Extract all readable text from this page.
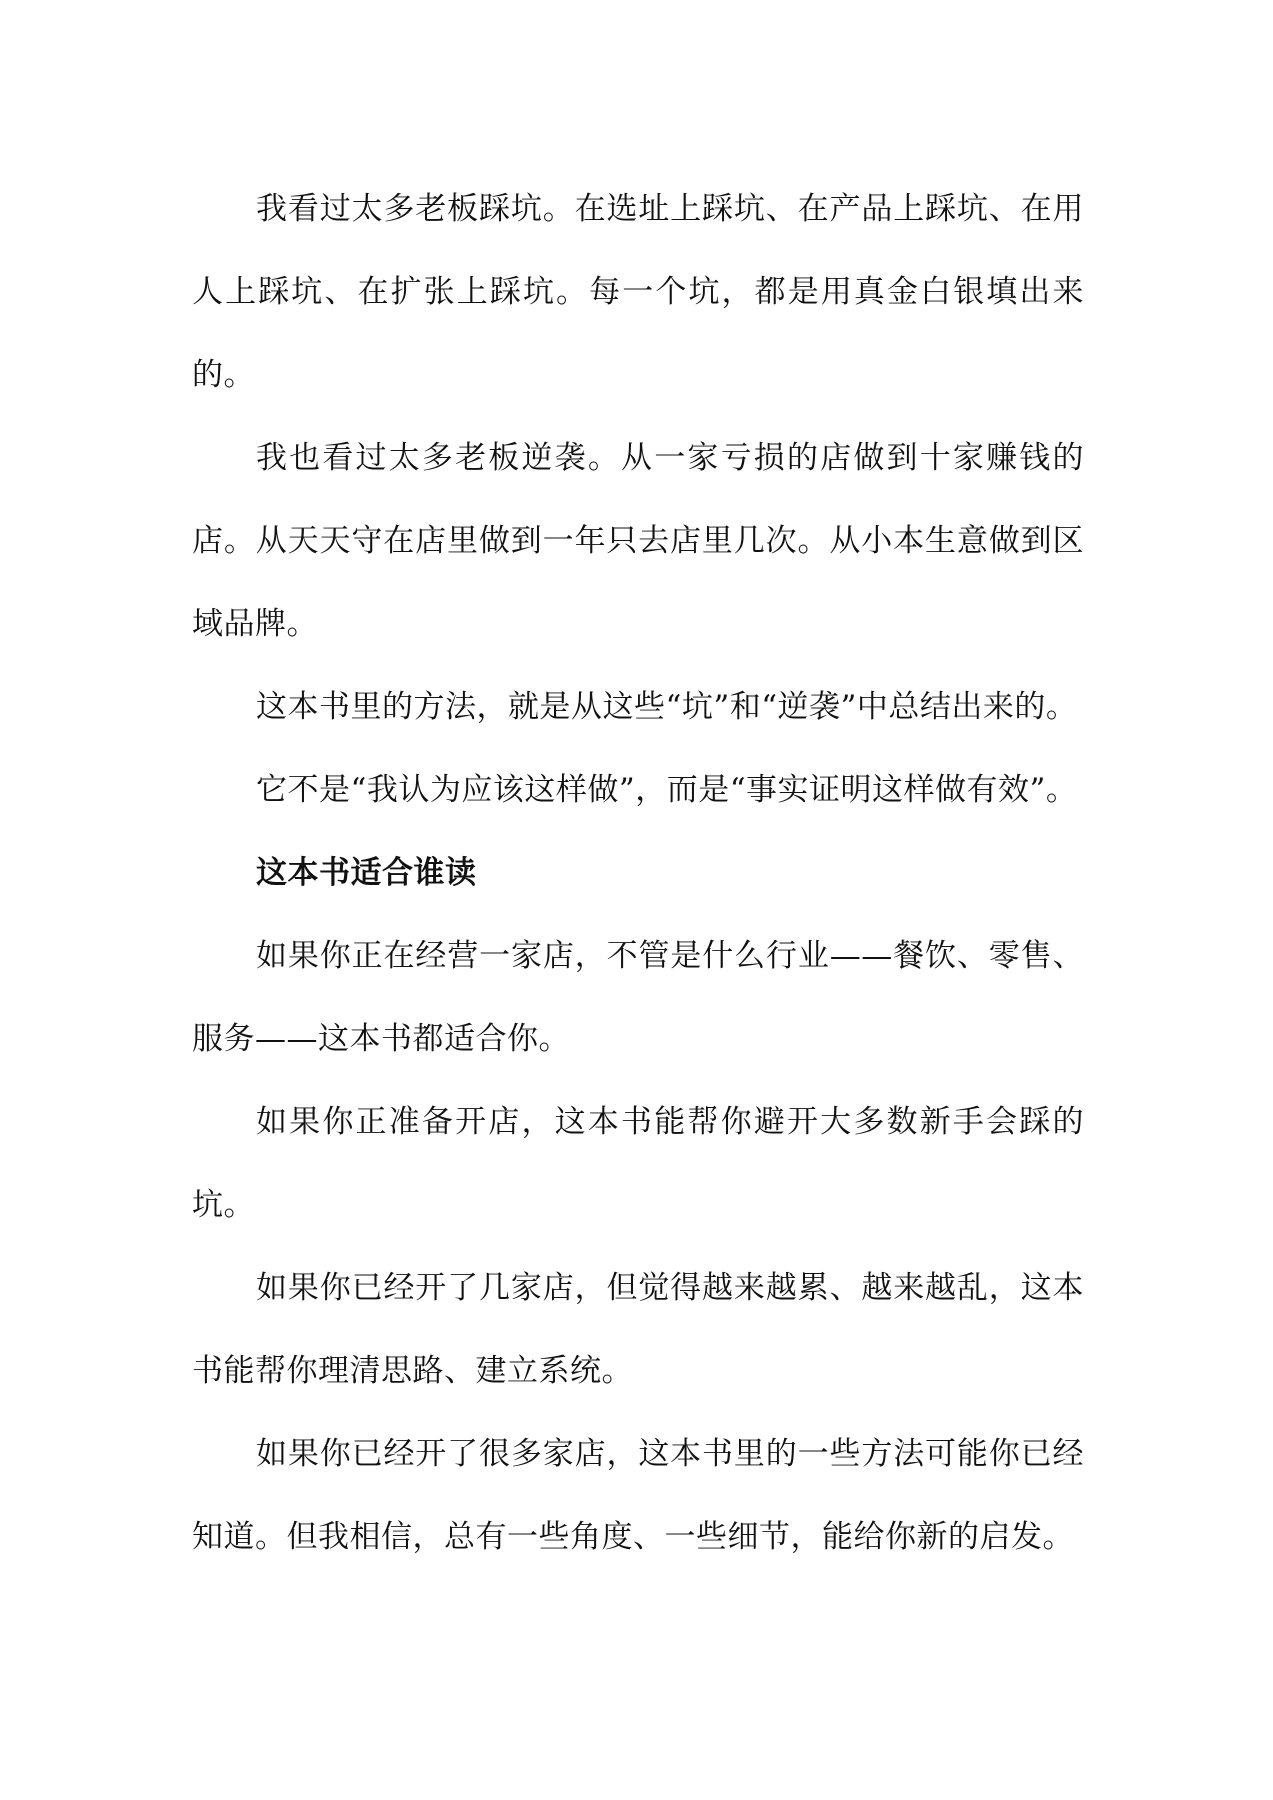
我看过太多老板踩坑。在选址上踩坑、在产品上踩坑、在用人上踩坑、在扩张上踩坑。每一个坑，都是用真金白银填出来的。

我也看过太多老板逆袭。从一家亏损的店做到十家赚钱的店。从天天守在店里做到一年只去店里几次。从小本生意做到区域品牌。

这本书里的方法，就是从这些“坑”和“逆袭”中总结出来的。

它不是“我认为应该这样做”，而是“事实证明这样做有效”。

这本书适合谁读

如果你正在经营一家店，不管是什么行业——餐饮、零售、服务——这本书都适合你。

如果你正准备开店，这本书能帮你避开大多数新手会踩的坑。

如果你已经开了几家店，但觉得越来越累、越来越乱，这本书能帮你理清思路、建立系统。

如果你已经开了很多家店，这本书里的一些方法可能你已经知道。但我相信，总有一些角度、一些细节，能给你新的启发。
